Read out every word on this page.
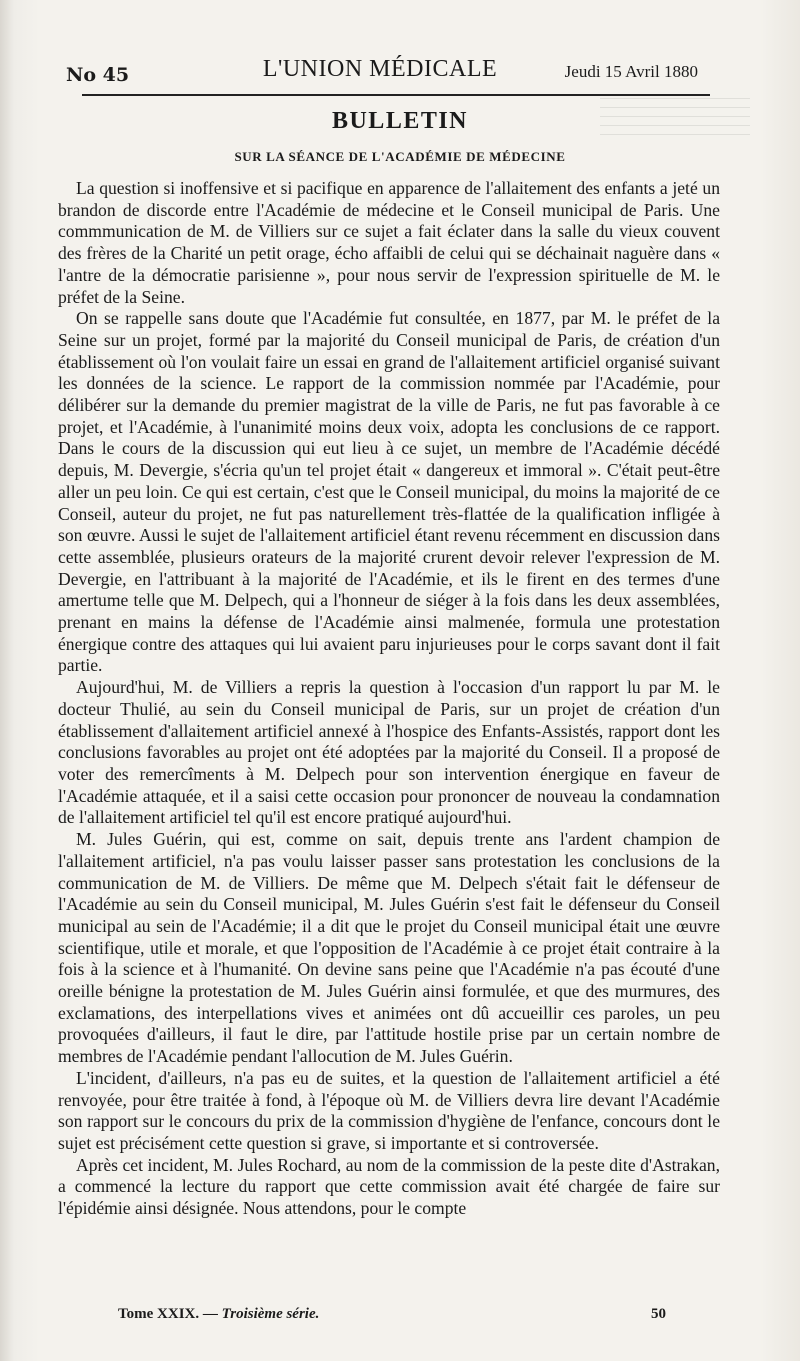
No 45	L'UNION MÉDICALE	Jeudi 15 Avril 1880
BULLETIN
SUR LA SÉANCE DE L'ACADÉMIE DE MÉDECINE

La question si inoffensive et si pacifique en apparence de l'allaitement des enfants a jeté un brandon de discorde entre l'Académie de médecine et le Conseil municipal de Paris. Une commmunication de M. de Villiers sur ce sujet a fait éclater dans la salle du vieux couvent des frères de la Charité un petit orage, écho affaibli de celui qui se déchainait naguère dans « l'antre de la démocratie parisienne », pour nous servir de l'expression spirituelle de M. le préfet de la Seine.

On se rappelle sans doute que l'Académie fut consultée, en 1877, par M. le préfet de la Seine sur un projet, formé par la majorité du Conseil municipal de Paris, de création d'un établissement où l'on voulait faire un essai en grand de l'allaitement artificiel organisé suivant les données de la science. Le rapport de la commission nommée par l'Académie, pour délibérer sur la demande du premier magistrat de la ville de Paris, ne fut pas favorable à ce projet, et l'Académie, à l'unanimité moins deux voix, adopta les conclusions de ce rapport. Dans le cours de la discussion qui eut lieu à ce sujet, un membre de l'Académie décédé depuis, M. Devergie, s'écria qu'un tel projet était « dangereux et immoral ». C'était peut-être aller un peu loin. Ce qui est certain, c'est que le Conseil municipal, du moins la majorité de ce Conseil, auteur du projet, ne fut pas naturellement très-flattée de la qualification infligée à son œuvre. Aussi le sujet de l'allaitement artificiel étant revenu récemment en discussion dans cette assemblée, plusieurs orateurs de la majorité crurent devoir relever l'expression de M. Devergie, en l'attribuant à la majorité de l'Académie, et ils le firent en des termes d'une amertume telle que M. Delpech, qui a l'honneur de siéger à la fois dans les deux assemblées, prenant en mains la défense de l'Académie ainsi malmenée, formula une protestation énergique contre des attaques qui lui avaient paru injurieuses pour le corps savant dont il fait partie.

Aujourd'hui, M. de Villiers a repris la question à l'occasion d'un rapport lu par M. le docteur Thulié, au sein du Conseil municipal de Paris, sur un projet de création d'un établissement d'allaitement artificiel annexé à l'hospice des Enfants-Assistés, rapport dont les conclusions favorables au projet ont été adoptées par la majorité du Conseil. Il a proposé de voter des remercîments à M. Delpech pour son intervention énergique en faveur de l'Académie attaquée, et il a saisi cette occasion pour prononcer de nouveau la condamnation de l'allaitement artificiel tel qu'il est encore pratiqué aujourd'hui.

M. Jules Guérin, qui est, comme on sait, depuis trente ans l'ardent champion de l'allaitement artificiel, n'a pas voulu laisser passer sans protestation les conclusions de la communication de M. de Villiers. De même que M. Delpech s'était fait le défenseur de l'Académie au sein du Conseil municipal, M. Jules Guérin s'est fait le défenseur du Conseil municipal au sein de l'Académie; il a dit que le projet du Conseil municipal était une œuvre scientifique, utile et morale, et que l'opposition de l'Académie à ce projet était contraire à la fois à la science et à l'humanité. On devine sans peine que l'Académie n'a pas écouté d'une oreille bénigne la protestation de M. Jules Guérin ainsi formulée, et que des murmures, des exclamations, des interpellations vives et animées ont dû accueillir ces paroles, un peu provoquées d'ailleurs, il faut le dire, par l'attitude hostile prise par un certain nombre de membres de l'Académie pendant l'allocution de M. Jules Guérin.

L'incident, d'ailleurs, n'a pas eu de suites, et la question de l'allaitement artificiel a été renvoyée, pour être traitée à fond, à l'époque où M. de Villiers devra lire devant l'Académie son rapport sur le concours du prix de la commission d'hygiène de l'enfance, concours dont le sujet est précisément cette question si grave, si importante et si controversée.

Après cet incident, M. Jules Rochard, au nom de la commission de la peste dite d'Astrakan, a commencé la lecture du rapport que cette commission avait été chargée de faire sur l'épidémie ainsi désignée. Nous attendons, pour le compte

Tome XXIX. — Troisième série.	50
